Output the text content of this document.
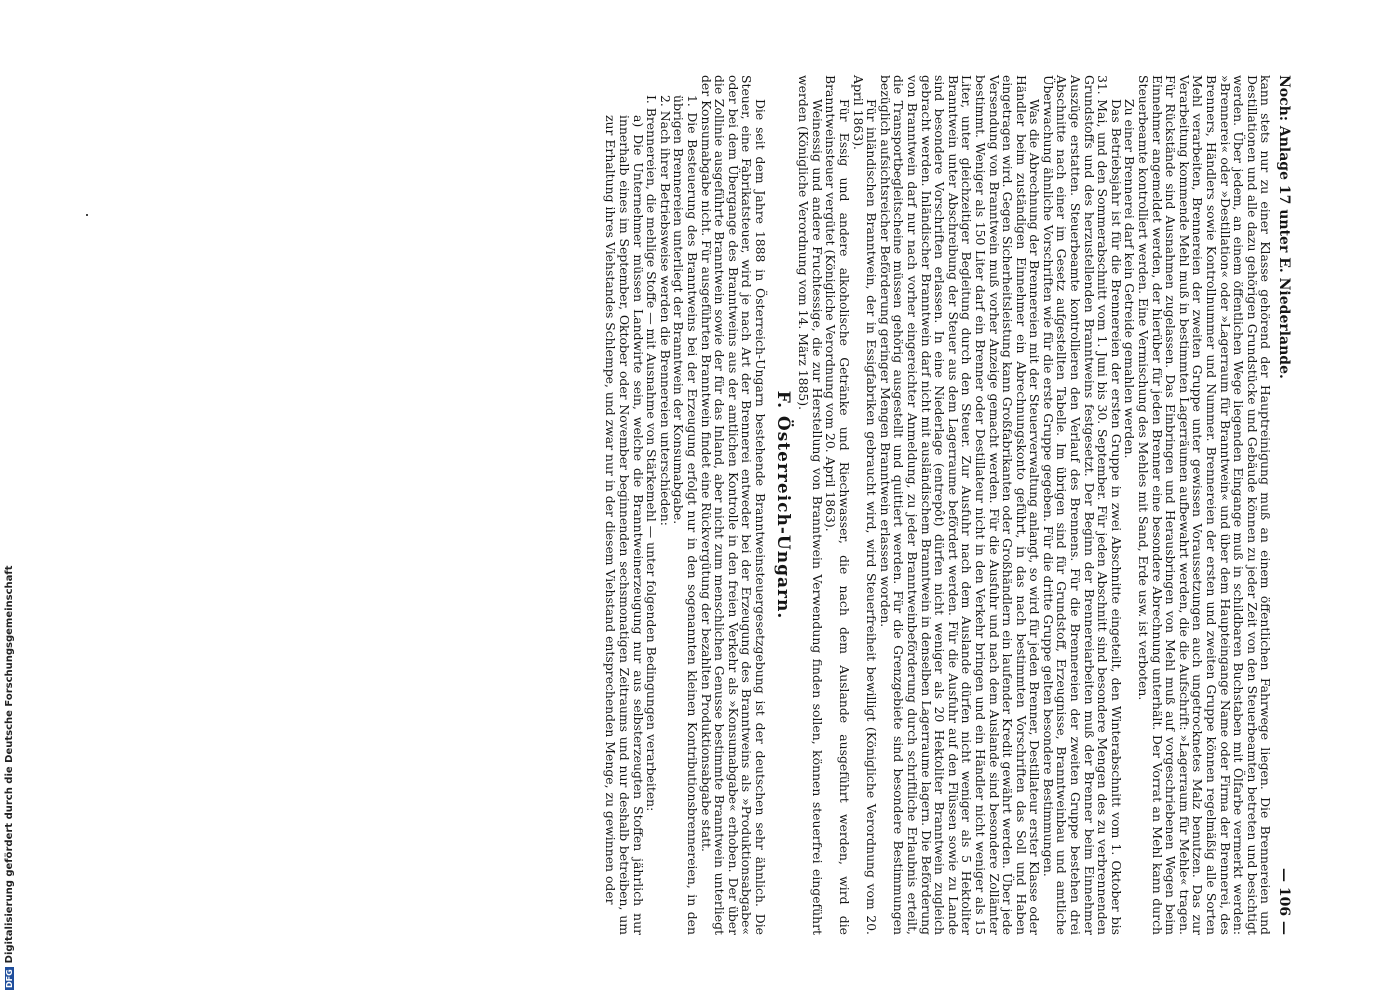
Noch: Anlage 17 unter E. Niederlande.
— 106 —

kann stets nur zu einer Klasse gehörend der Hauptreinigung muß an einem öffentlichen Fahrwege liegen. Die Brennereien und Destillationen und alle dazu gehörigen Grundstücke und Gebäude können zu jeder Zeit von den Steuerbeamten betreten und besichtigt werden. Über jedem, an einem öffentlichen Wege liegenden Eingange muß in schildbaren Buchstaben mit Ölfarbe vermerkt werden: »Brennerei« oder »Destillation« oder »Lagerraum für Branntwein« und über dem Haupteingange Name oder Firma der Brennerei, des Brenners, Händlers sowie Kontrollnummer und Nummer. Brennereien der ersten und zweiten Gruppe können regelmäßig alle Sorten Mehl verarbeiten, Brennereien der zweiten Gruppe unter gewissen Voraussetzungen auch ungetrocknetes Malz benutzen. Das zur Verarbeitung kommende Mehl muß in bestimmten Lagerräumen aufbewahrt werden, die die Aufschrift: »Lagerraum für Mehle« tragen. Für Rückstände sind Ausnahmen zugelassen. Das Einbringen und Herausbringen von Mehl muß auf vorgeschriebenen Wegen beim Einnehmer angemeldet werden, der hierüber für jeden Brenner eine besondere Abrechnung unterhält. Der Vorrat an Mehl kann durch Steuerbeamte kontrolliert werden. Eine Vermischung des Mehles mit Sand, Erde usw. ist verboten.

Zu einer Brennerei darf kein Getreide gemahlen werden.

Das Betriebsjahr ist für die Brennereien der ersten Gruppe in zwei Abschnitte eingeteilt, den Winterabschnitt vom 1. Oktober bis 31. Mai, und den Sommerabschnitt vom 1. Juni bis 30. September. Für jeden Abschnitt sind besondere Mengen des zu verbrennenden Grundstoffs und des herzustellenden Branntweins festgesetzt. Der Beginn der Brennereiarbeiten muß der Brenner beim Einnehmer Auszüge erstatten. Steuerbeamte kontrollieren den Verlauf des Brennens. Für die Brennereien der zweiten Gruppe bestehen drei Abschnitte nach einer im Gesetz aufgestellten Tabelle. Im übrigen sind für Grundstoff, Erzeugnisse, Branntweinbau und amtliche Überwachung ähnliche Vorschriften wie für die erste Gruppe gegeben. Für die dritte Gruppe gelten besondere Bestimmungen.

Was die Abrechnung der Brennereien mit der Steuerverwaltung anlangt, so wird für jeden Brenner, Destillateur erster Klasse oder Händler beim zuständigen Einnehmer ein Abrechnungskonto geführt, in das nach bestimmten Vorschriften das Soll und Haben eingetragen wird. Gegen Sicherheitsleistung kann Großfabrikanten oder Großhändlern ein laufender Kredit gewährt werden. Über jede Versendung von Branntwein muß vorher Anzeige gemacht werden. Für die Ausfuhr und nach dem Auslande sind besondere Zollämter bestimmt. Weniger als 150 Liter darf ein Brenner oder Destillateur nicht in den Verkehr bringen und ein Händler nicht weniger als 15 Liter, unter gleichzeitiger Begleitung durch den Steuer. Zur Ausfuhr nach dem Auslande dürfen nicht weniger als 5 Hektoliter Branntwein unter Abschreibung der Steuer aus dem Lagerraume befördert werden. Für die Ausfuhr auf den Flüssen sowie zu Lande sind besondere Vorschriften erlassen. In eine Niederlage (entrepôt) dürfen nicht weniger als 20 Hektoliter Branntwein zugleich gebracht werden. Inländischer Branntwein darf nicht mit ausländischem Branntwein in denselben Lagerraume lagern. Die Beförderung von Branntwein darf nur nach vorher eingereichter Anmeldung, zu jeder Branntweinbeförderung durch schriftliche Erlaubnis erteilt, die Transportbegleitscheine müssen gehörig ausgestellt und quittiert werden. Für die Grenzgebiete sind besondere Bestimmungen bezüglich aufsichtsreicher Beförderung geringer Mengen Branntwein erlassen worden.

Für inländischen Branntwein, der in Essigfabriken gebraucht wird, wird Steuerfreiheit bewilligt (Königliche Verordnung vom 20. April 1863).

Für Essig und andere alkoholische Getränke und Riechwasser, die nach dem Auslande ausgeführt werden, wird die Branntweinsteuer vergütet (Königliche Verordnung vom 20. April 1863).

Weinessig und andere Fruchtessige, die zur Herstellung von Branntwein Verwendung finden sollen, können steuerfrei eingeführt werden (Königliche Verordnung vom 14. März 1885).

F. Österreich-Ungarn.

Die seit dem Jahre 1888 in Österreich-Ungarn bestehende Branntweinsteuergesetzgebung ist der deutschen sehr ähnlich. Die Steuer, eine Fabrikatsteuer, wird je nach Art der Brennerei entweder bei der Erzeugung des Branntweins als »Produktionsabgabe« oder bei dem Übergange des Branntweins aus der amtlichen Kontrolle in den freien Verkehr als »Konsumabgabe« erhoben. Der über die Zollinie ausgeführte Branntwein sowie der für das Inland, aber nicht zum menschlichen Genusse bestimmte Branntwein unterliegt der Konsumabgabe nicht. Für ausgeführten Branntwein findet eine Rückvergütung der bezahlten Produktionsabgabe statt.

1. Die Besteuerung des Branntweins bei der Erzeugung erfolgt nur in den sogenannten kleinen Kontributionsbrennereien, in den übrigen Brennereien unterliegt der Branntwein der Konsumabgabe.

2. Nach ihrer Betriebsweise werden die Brennereien unterschieden:

I. Brennereien, die mehlige Stoffe — mit Ausnahme von Stärkemehl — unter folgenden Bedingungen verarbeiten:

a) Die Unternehmer müssen Landwirte sein, welche die Branntweinerzeugung nur aus selbsterzeugten Stoffen jährlich nur innerhalb eines im September, Oktober oder November beginnenden sechsmonatigen Zeitraums und nur deshalb betreiben, um zur Erhaltung ihres Viehstandes Schlempe, und zwar nur in der diesem Viehstand entsprechenden Menge, zu gewinnen oder

DFG
Digitalisierung gefördert durch die Deutsche Forschungsgemeinschaft
